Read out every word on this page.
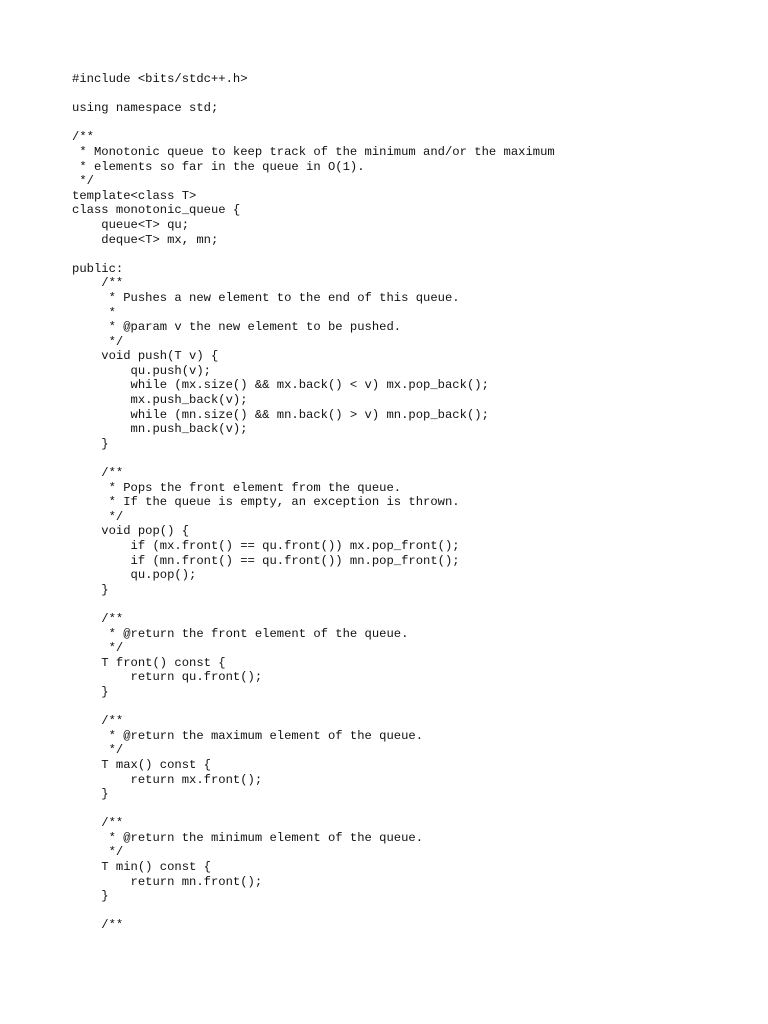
#include <bits/stdc++.h>
using namespace std;
/**
* Monotonic queue to keep track of the minimum and/or the maximum
* elements so far in the queue in O(1).
*/
template<class T>
class monotonic_queue {
queue<T> qu;
deque<T> mx, mn;
public:
/**
* Pushes a new element to the end of this queue.
*
* @param v the new element to be pushed.
*/
void push(T v) {
qu.push(v);
while (mx.size() && mx.back() < v) mx.pop_back();
mx.push_back(v);
while (mn.size() && mn.back() > v) mn.pop_back();
mn.push_back(v);
}
/**
* Pops the front element from the queue.
* If the queue is empty, an exception is thrown.
*/
void pop() {
if (mx.front() == qu.front()) mx.pop_front();
if (mn.front() == qu.front()) mn.pop_front();
qu.pop();
}
/**
* @return the front element of the queue.
*/
T front() const {
return qu.front();
}
/**
* @return the maximum element of the queue.
*/
T max() const {
return mx.front();
}
/**
* @return the minimum element of the queue.
*/
T min() const {
return mn.front();
}
/**
